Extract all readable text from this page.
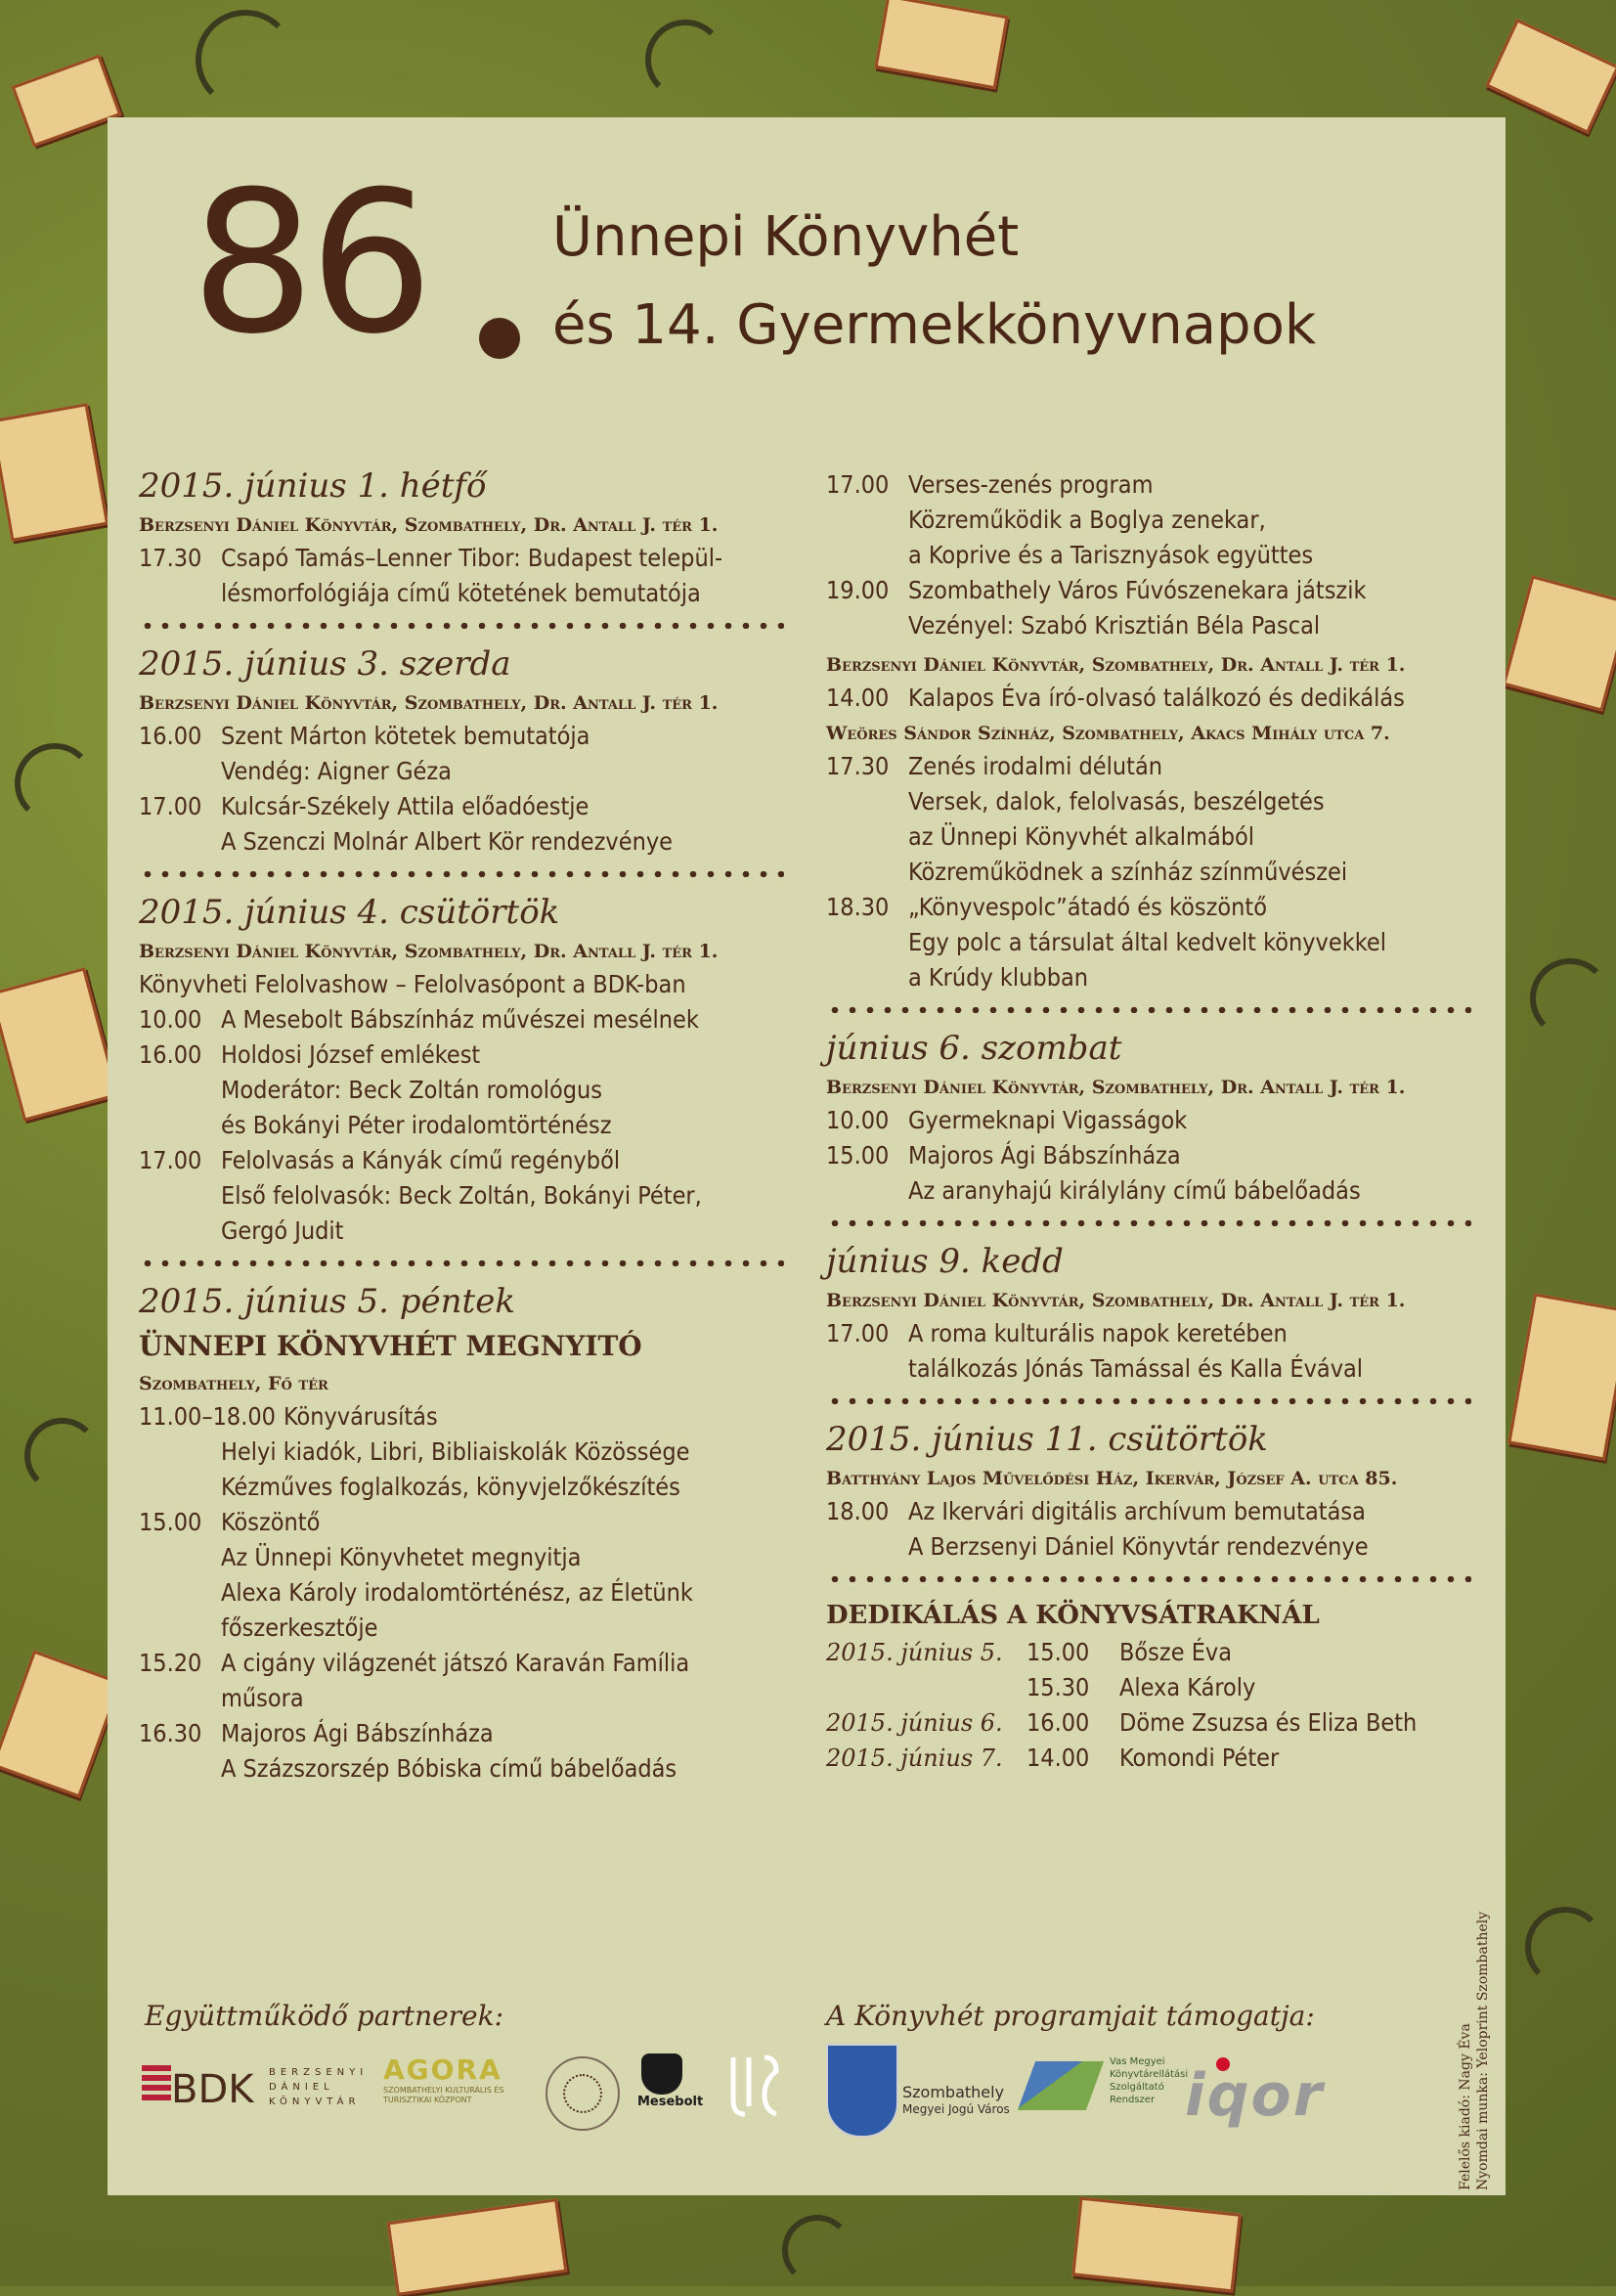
86 Ünnepi Könyvhét
és 14. Gyermekkönyvnapok
2015. június 1. hétfő
Berzsenyi Dániel Könyvtár, Szombathely, Dr. Antall J. tér 1.
17.30 Csapó Tamás–Lenner Tibor: Budapest települ-
lésmorfológiája című kötetének bemutatója
2015. június 3. szerda
Berzsenyi Dániel Könyvtár, Szombathely, Dr. Antall J. tér 1.
16.00 Szent Márton kötetek bemutatója
Vendég: Aigner Géza
17.00 Kulcsár-Székely Attila előadóestje
A Szenczi Molnár Albert Kör rendezvénye
2015. június 4. csütörtök
Berzsenyi Dániel Könyvtár, Szombathely, Dr. Antall J. tér 1.
Könyvheti Felolvashow – Felolvasópont a BDK-ban
10.00 A Mesebolt Bábszínház művészei mesélnek
16.00 Holdosi József emlékest
Moderátor: Beck Zoltán romológus
és Bokányi Péter irodalomtörténész
17.00 Felolvasás a Kányák című regényből
Első felolvasók: Beck Zoltán, Bokányi Péter,
Gergó Judit
2015. június 5. péntek
ÜNNEPI KÖNYVHÉT MEGNYITÓ
Szombathely, Fő tér
11.00–18.00 Könyvárusítás
Helyi kiadók, Libri, Bibliaiskolák Közössége
Kézműves foglalkozás, könyvjelzőkészítés
15.00 Köszöntő
Az Ünnepi Könyvhetet megnyitja
Alexa Károly irodalomtörténész, az Életünk
főszerkesztője
15.20 A cigány világzenét játszó Karaván Família
műsora
16.30 Majoros Ági Bábszínháza
A Százszorszép Bóbiska című bábelőadás
17.00 Verses-zenés program
Közreműködik a Boglya zenekar,
a Koprive és a Tarisznyások együttes
19.00 Szombathely Város Fúvószenekara játszik
Vezényel: Szabó Krisztián Béla Pascal
Berzsenyi Dániel Könyvtár, Szombathely, Dr. Antall J. tér 1.
14.00 Kalapos Éva író-olvasó találkozó és dedikálás
Weöres Sándor Színház, Szombathely, Akacs Mihály utca 7.
17.30 Zenés irodalmi délután
Versek, dalok, felolvasás, beszélgetés
az Ünnepi Könyvhét alkalmából
Közreműködnek a színház színművészei
18.30 „Könyvespolc”átadó és köszöntő
Egy polc a társulat által kedvelt könyvekkel
a Krúdy klubban
június 6. szombat
Berzsenyi Dániel Könyvtár, Szombathely, Dr. Antall J. tér 1.
10.00 Gyermeknapi Vigasságok
15.00 Majoros Ági Bábszínháza
Az aranyhajú királylány című bábelőadás
június 9. kedd
Berzsenyi Dániel Könyvtár, Szombathely, Dr. Antall J. tér 1.
17.00 A roma kulturális napok keretében
találkozás Jónás Tamással és Kalla Évával
2015. június 11. csütörtök
Batthyány Lajos Művelődési Ház, Ikervár, József A. utca 85.
18.00 Az Ikervári digitális archívum bemutatása
A Berzsenyi Dániel Könyvtár rendezvénye
DEDIKÁLÁS A KÖNYVSÁTRAKNÁL
2015. június 5. 15.00	Bősze Éva
15.30	Alexa Károly
2015. június 6. 16.00	Döme Zsuzsa és Eliza Beth
2015. június 7. 14.00	Komondi Péter
Együttműködő partnerek:	A Könyvhét programjait támogatja:
BDK BERZSENYI
DÁNIEL
KÖNYVTÁR
AGORA
SZOMBATHELYI KULTURÁLIS ÉS TURISZTIKAI KÖZPONT	Mesebolt
Szombathely
Megyei Jogú Város
Vas Megyei
Könyvtárellátási
Szolgáltató Rendszer iqor	Felelős kiadó: Nagy Éva Nyomdai munka: Yeloprint Szombathely
